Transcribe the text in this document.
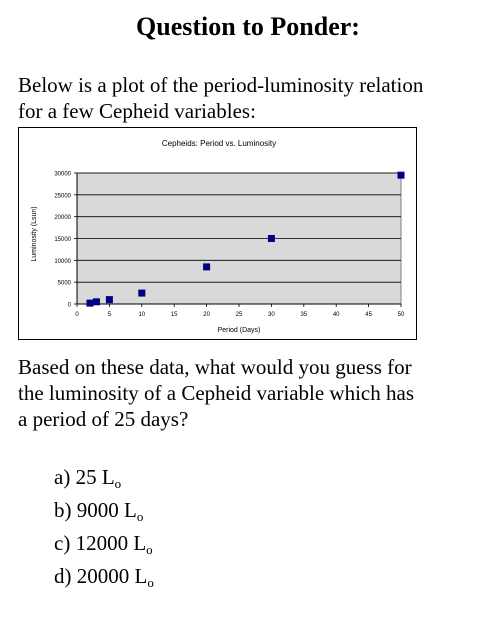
Question to Ponder:
Below is a plot of the period-luminosity relation
for a few Cepheid variables:
Cepheids: Period vs. Luminosity
Luminosity (Lsun)
Period (Days)
0
5000
10000
15000
20000
25000
30000
0	5	10	15	20	25	30	35	40	45	50
Based on these data, what would you guess for
the luminosity of a Cepheid variable which has
a period of 25 days?
a) 25 $L_o$
b) 9000 $L_o$
c) 12000 $L_o$
d) 20000 $L_o$
